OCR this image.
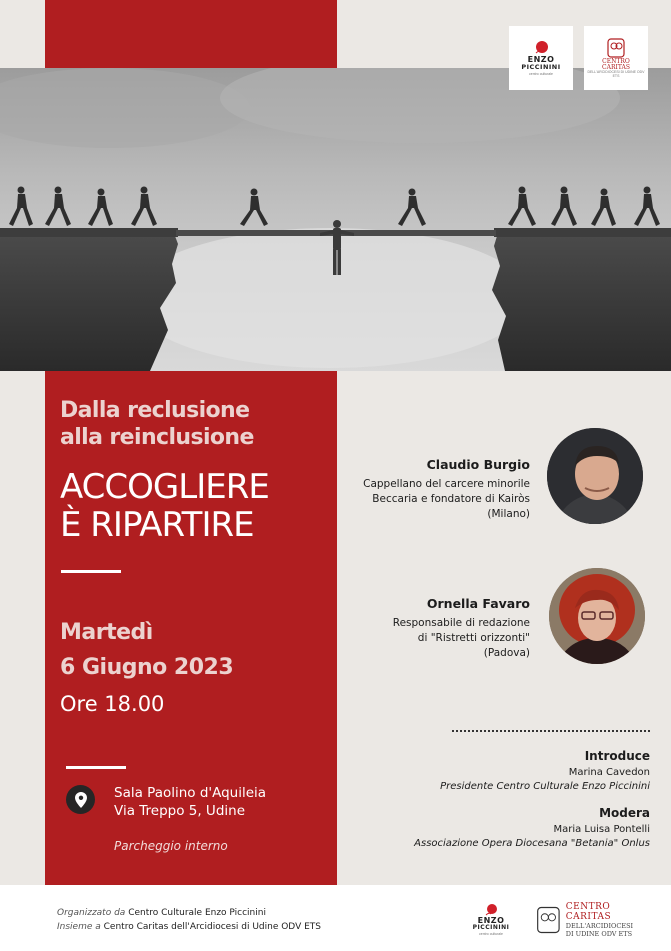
ENZO
PICCININI
centro culturale
CENTRO
CARITAS
DELL'ARCIDIOCESI DI UDINE ODV ETS
Dalla reclusione
alla reinclusione
ACCOGLIERE
È RIPARTIRE
Martedì
6 Giugno 2023
Ore 18.00
Sala Paolino d'Aquileia
Via Treppo 5, Udine
Parcheggio interno
Claudio Burgio
Cappellano del carcere minorile
Beccaria e fondatore di Kairòs
(Milano)
Ornella Favaro
Responsabile di redazione
di "Ristretti orizzonti"
(Padova)
Introduce
Marina Cavedon
Presidente Centro Culturale Enzo Piccinini
Modera
Maria Luisa Pontelli
Associazione Opera Diocesana "Betania" Onlus
Organizzato da Centro Culturale Enzo Piccinini
Insieme a Centro Caritas dell'Arcidiocesi di Udine ODV ETS
ENZO
PICCININI
centro culturale
CENTRO CARITAS
DELL'ARCIDIOCESI
DI UDINE ODV ETS
